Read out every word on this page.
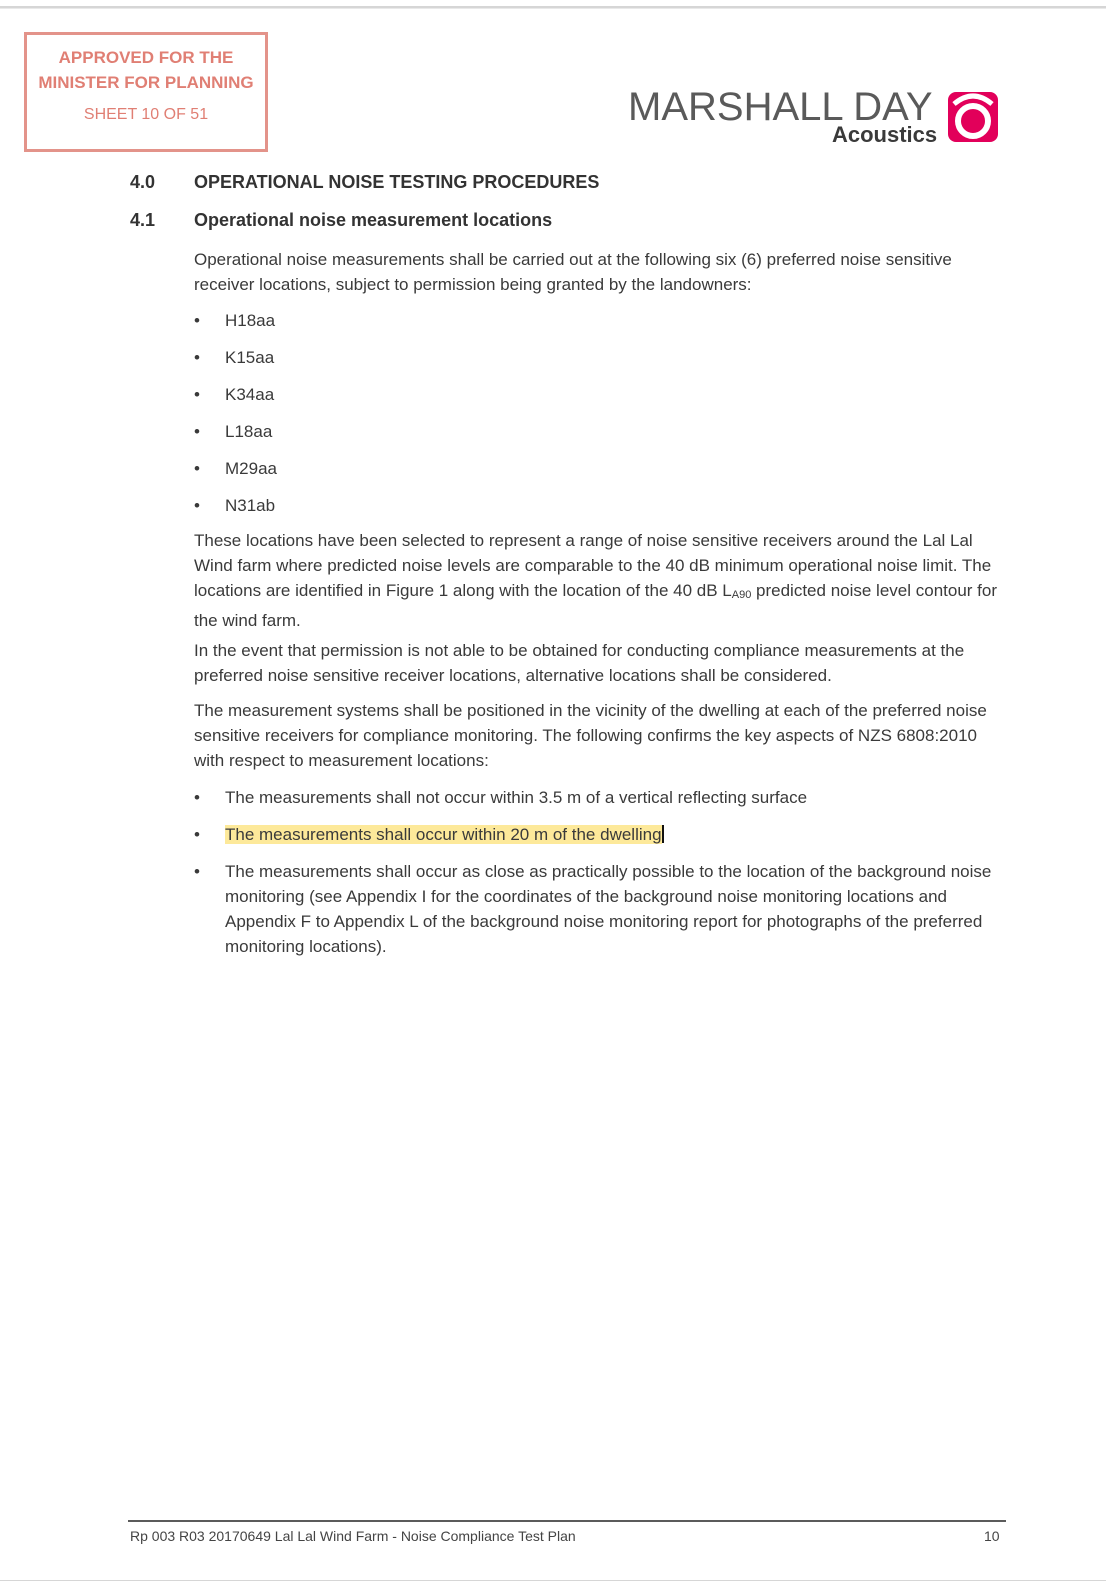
APPROVED FOR THE
MINISTER FOR PLANNING
SHEET 10 OF 51	MARSHALL DAY
Acoustics
4.0 OPERATIONAL NOISE TESTING PROCEDURES
4.1 Operational noise measurement locations
Operational noise measurements shall be carried out at the following six (6) preferred noise sensitive receiver locations, subject to permission being granted by the landowners:
•	H18aa
•	K15aa
•	K34aa
•	L18aa
•	M29aa
•	N31ab
These locations have been selected to represent a range of noise sensitive receivers around the Lal Lal Wind farm where predicted noise levels are comparable to the 40 dB minimum operational noise limit. The locations are identified in Figure 1 along with the location of the 40 dB $L_{A90}$ predicted noise level contour for the wind farm.
In the event that permission is not able to be obtained for conducting compliance measurements at the preferred noise sensitive receiver locations, alternative locations shall be considered.
The measurement systems shall be positioned in the vicinity of the dwelling at each of the preferred noise sensitive receivers for compliance monitoring. The following confirms the key aspects of NZS 6808:2010 with respect to measurement locations:
•	The measurements shall not occur within 3.5 m of a vertical reflecting surface
•	The measurements shall occur within 20 m of the dwelling
•	The measurements shall occur as close as practically possible to the location of the background noise monitoring (see Appendix I for the coordinates of the background noise monitoring locations and Appendix F to Appendix L of the background noise monitoring report for photographs of the preferred monitoring locations).
Rp 003 R03 20170649 Lal Lal Wind Farm - Noise Compliance Test Plan	10
